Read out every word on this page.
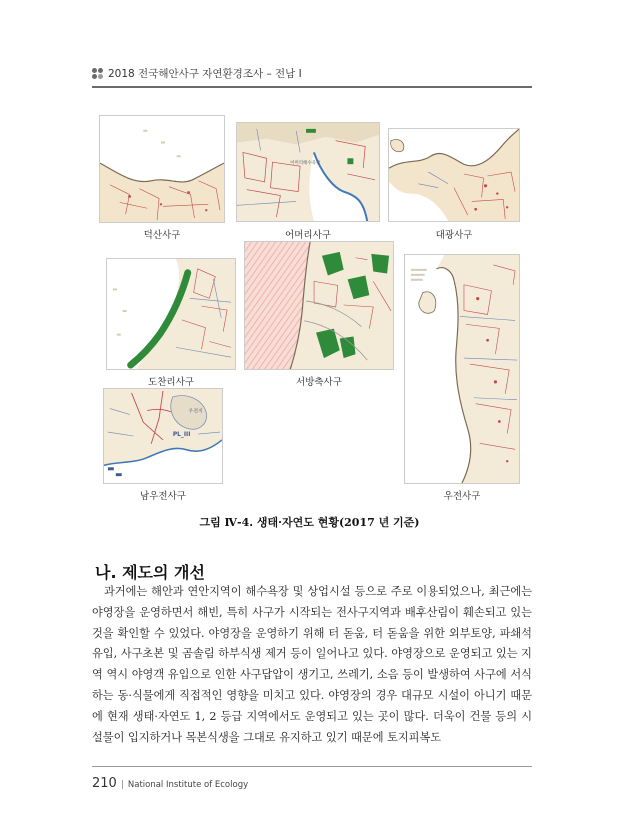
2018 전국해안사구 자연환경조사 – 전남 I
덕산사구
어머리해수욕장
어머리사구	대광사구
도찬리사구	서방축사구
우전지
PL_III
남우전사구	우전사구
그림 Ⅳ-4. 생태·자연도 현황(2017 년 기준)
나. 제도의 개선

과거에는 해안과 연안지역이 해수욕장 및 상업시설 등으로 주로 이용되었으나, 최근에는 야영장을 운영하면서 해빈, 특히 사구가 시작되는 전사구지역과 배후산림이 훼손되고 있는 것을 확인할 수 있었다. 야영장을 운영하기 위해 터 돋움, 터 돋움을 위한 외부토양, 파쇄석 유입, 사구초본 및 곰솔림 하부식생 제거 등이 일어나고 있다. 야영장으로 운영되고 있는 지역 역시 야영객 유입으로 인한 사구답압이 생기고, 쓰레기, 소음 등이 발생하여 사구에 서식하는 동·식물에게 직접적인 영향을 미치고 있다. 야영장의 경우 대규모 시설이 아니기 때문에 현재 생태·자연도 1, 2 등급 지역에서도 운영되고 있는 곳이 많다. 더욱이 건물 등의 시설물이 입지하거나 목본식생을 그대로 유지하고 있기 때문에 토지피복도

210 | National Institute of Ecology
